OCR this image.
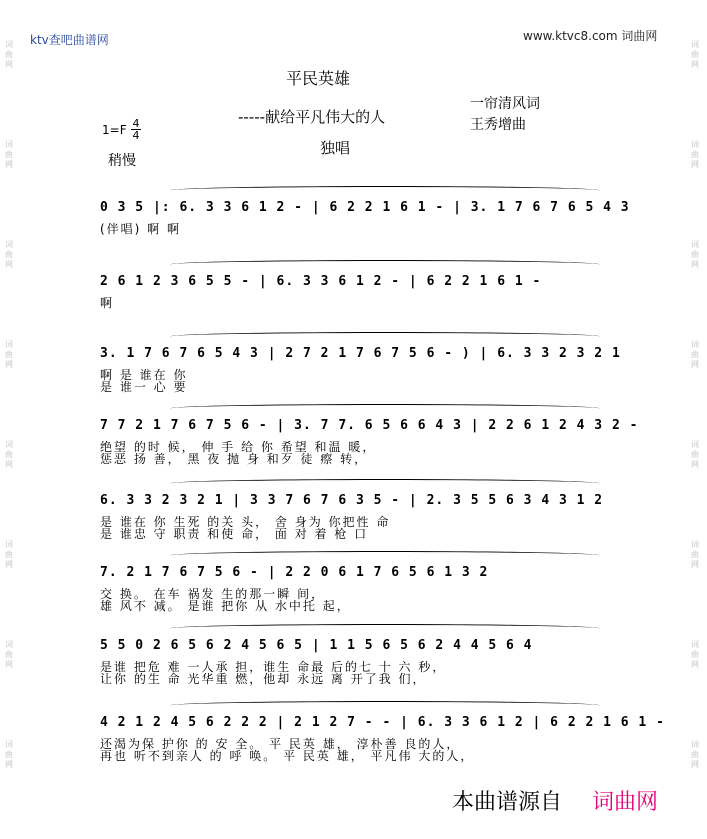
ktv查吧曲谱网	www.ktvc8.com 词曲网
平民英雄
-----献给平凡伟大的人
一帘清风词
王秀增曲
独唱
1=F 4
4
稍慢
0 3 5 |: 6. 3 3 6 1 2 - | 6 2 2 1 6 1 - | 3. 1 7 6 7 6 5 4 3
(伴唱) 啊 啊
2 6 1 2 3 6 5 5 - | 6. 3 3 6 1 2 - | 6 2 2 1 6 1 -
啊
3. 1 7 6 7 6 5 4 3 | 2 7 2 1 7 6 7 5 6 - ) | 6. 3 3 2 3 2 1
啊 是 谁在 你
是 谁一 心 要
7 7 2 1 7 6 7 5 6 - | 3. 7 7. 6 5 6 6 4 3 | 2 2 6 1 2 4 3 2 -
绝望 的时 候， 伸 手 给 你 希望 和温 暖，
惩恶 扬 善， 黑 夜 抛 身 和歹 徒 瘵 转，
6. 3 3 2 3 2 1 | 3 3 7 6 7 6 3 5 - | 2. 3 5 5 6 3 4 3 1 2
是 谁在 你 生死 的关 头， 舍 身为 你把性 命
是 谁忠 守 职责 和使 命， 面 对 着 枪 口
7. 2 1 7 6 7 5 6 - | 2 2 0 6 1 7 6 5 6 1 3 2
交 换。 在车 祸发 生的那一瞬 间，
雄 风不 减。 是谁 把你 从 水中托 起，
5 5 0 2 6 5 6 2 4 5 6 5 | 1 1 5 6 5 6 2 4 4 5 6 4
是谁 把危 难 一人承 担，谁生 命最 后的七 十 六 秒，
让你 的生 命 光华重 燃，他却 永远 离 开了我 们，
4 2 1 2 4 5 6 2 2 2 | 2 1 2 7 - - | 6. 3 3 6 1 2 | 6 2 2 1 6 1 -
还渴为保 护你 的 安 全。 平 民英 雄， 淳朴善 良的人，
再也 听不到亲人 的 呼 唤。 平 民英 雄， 平凡伟 大的人，
词
曲
网
词
曲
网
词
曲
网
词
曲
网
词
曲
网
词
曲
网
词
曲
网
词
曲
网
词
曲
网
词
曲
网
词
曲
网
词
曲
网
词
曲
网
词
曲
网
词
曲
网
词
曲
网
本曲谱源自 词曲网
